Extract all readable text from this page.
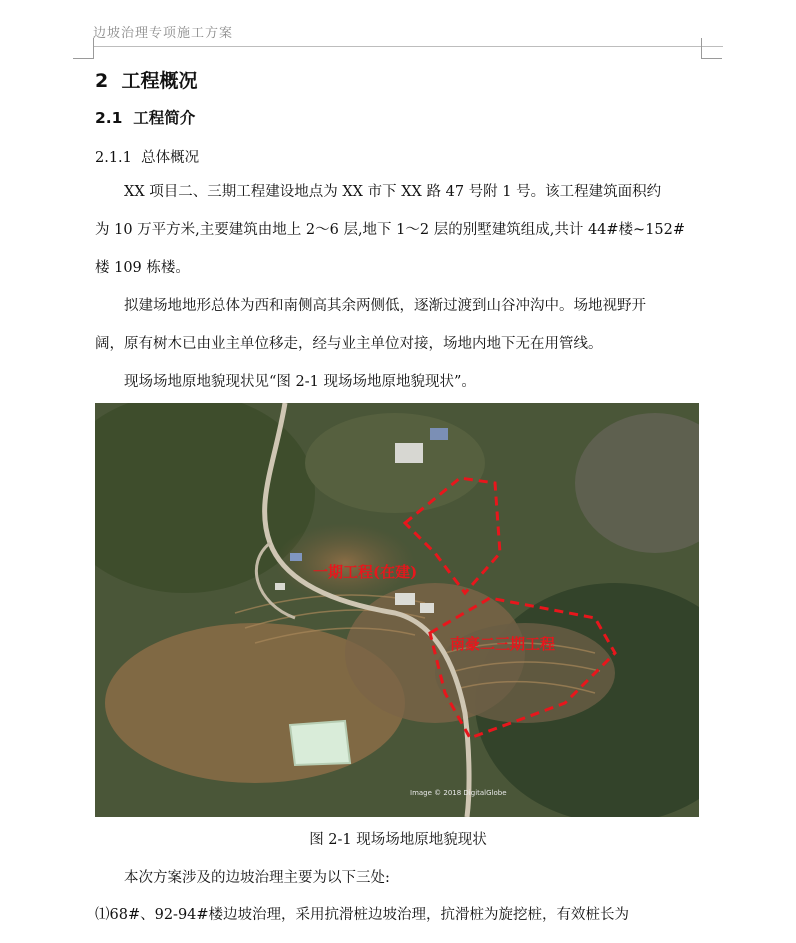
边坡治理专项施工方案
2 工程概况
2.1 工程简介
2.1.1 总体概况
XX 项目二、三期工程建设地点为 XX 市下 XX 路 47 号附 1 号。该工程建筑面积约
为 10 万平方米,主要建筑由地上 2～6 层,地下 1～2 层的别墅建筑组成,共计 44#楼~152#
楼 109 栋楼。
拟建场地地形总体为西和南侧高其余两侧低，逐渐过渡到山谷冲沟中。场地视野开
阔，原有树木已由业主单位移走，经与业主单位对接，场地内地下无在用管线。
现场场地原地貌现状见“图 2-1 现场场地原地貌现状”。
一期工程(在建)
南豪二三期工程
Image © 2018 DigitalGlobe
图 2-1 现场场地原地貌现状
本次方案涉及的边坡治理主要为以下三处:
⑴68#、92-94#楼边坡治理，采用抗滑桩边坡治理，抗滑桩为旋挖桩，有效桩长为
